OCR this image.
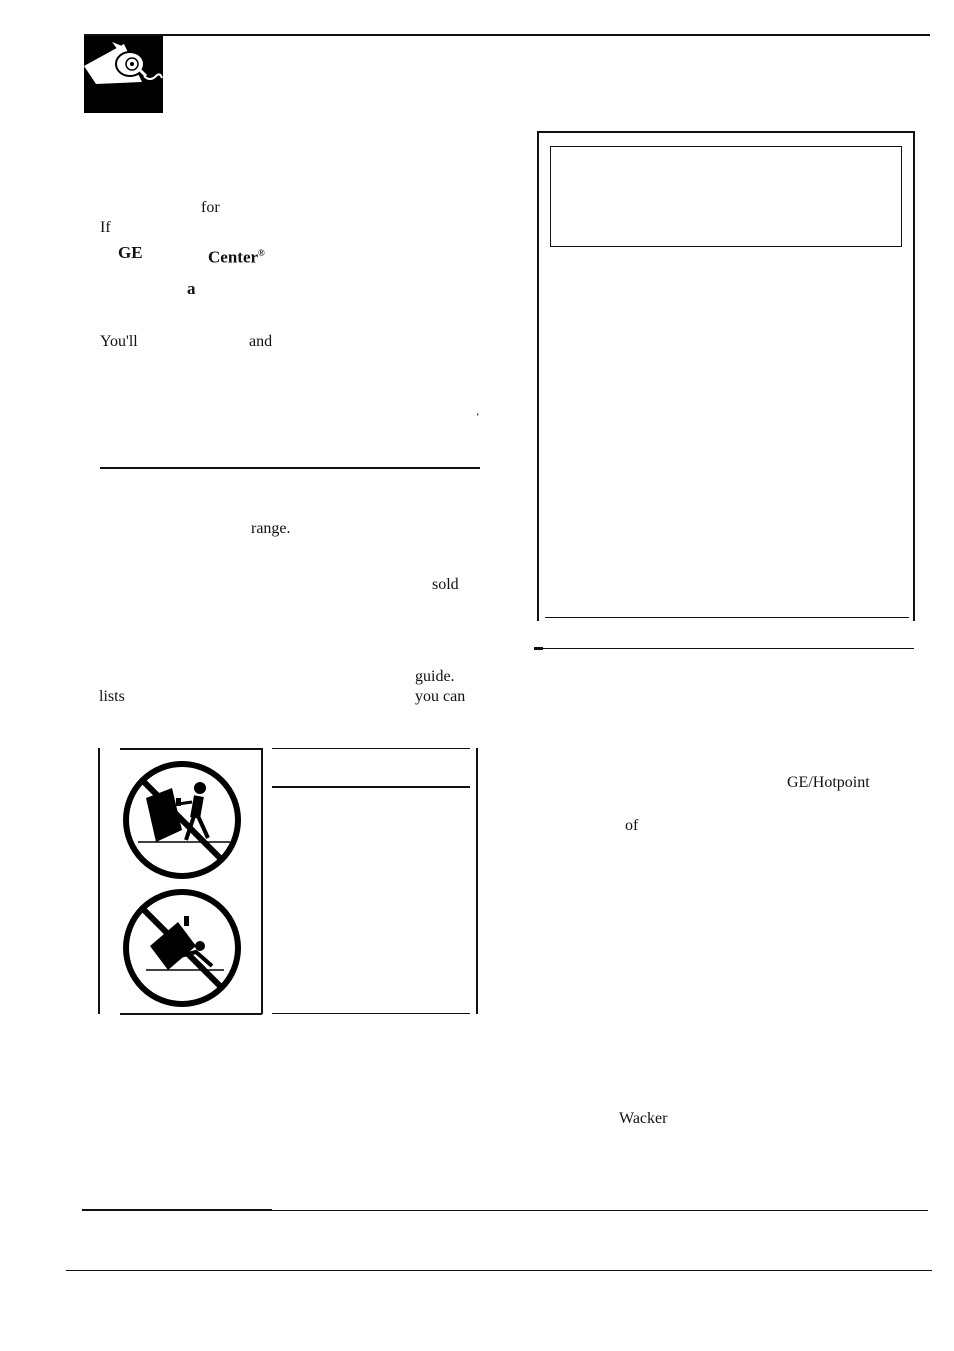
for
If
GE	Center®
a
You'll	and
‘
range.
sold
guide.
lists	you can
GE/Hotpoint
of
Wacker
